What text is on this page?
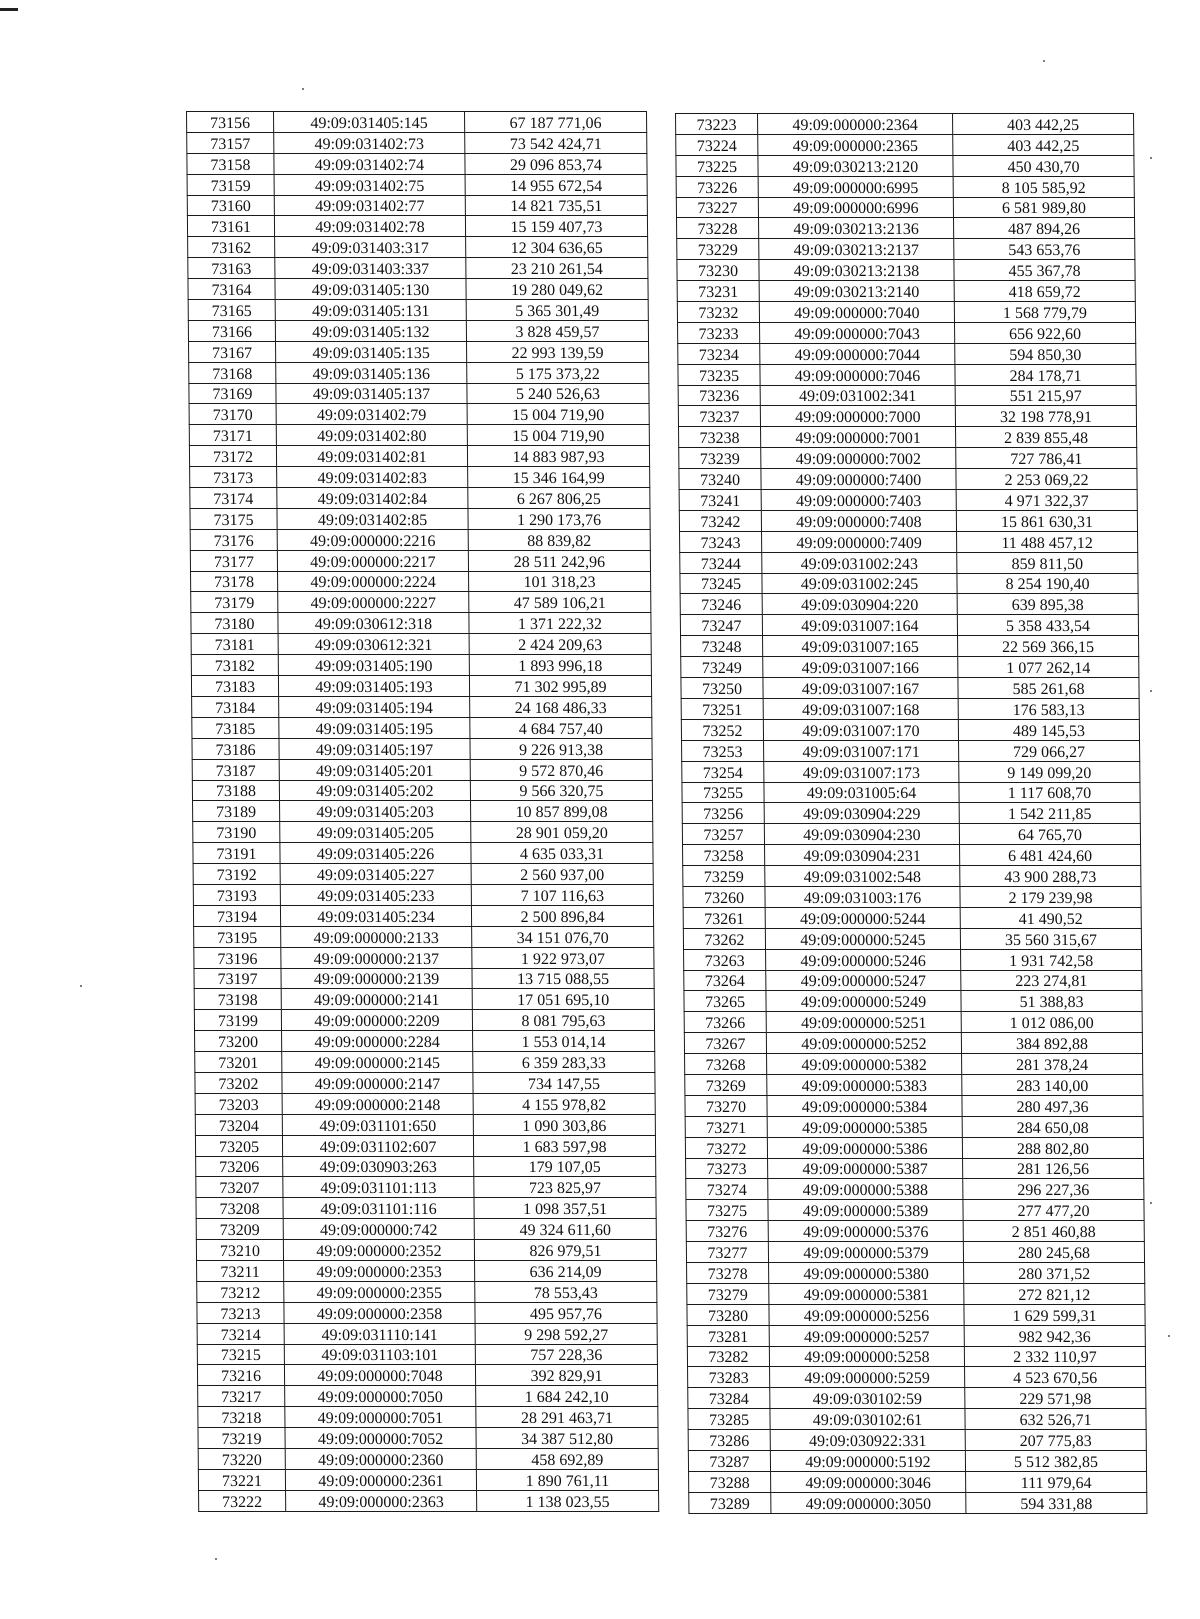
73156	49:09:031405:145	67 187 771,06
73157	49:09:031402:73	73 542 424,71
73158	49:09:031402:74	29 096 853,74
73159	49:09:031402:75	14 955 672,54
73160	49:09:031402:77	14 821 735,51
73161	49:09:031402:78	15 159 407,73
73162	49:09:031403:317	12 304 636,65
73163	49:09:031403:337	23 210 261,54
73164	49:09:031405:130	19 280 049,62
73165	49:09:031405:131	5 365 301,49
73166	49:09:031405:132	3 828 459,57
73167	49:09:031405:135	22 993 139,59
73168	49:09:031405:136	5 175 373,22
73169	49:09:031405:137	5 240 526,63
73170	49:09:031402:79	15 004 719,90
73171	49:09:031402:80	15 004 719,90
73172	49:09:031402:81	14 883 987,93
73173	49:09:031402:83	15 346 164,99
73174	49:09:031402:84	6 267 806,25
73175	49:09:031402:85	1 290 173,76
73176	49:09:000000:2216	88 839,82
73177	49:09:000000:2217	28 511 242,96
73178	49:09:000000:2224	101 318,23
73179	49:09:000000:2227	47 589 106,21
73180	49:09:030612:318	1 371 222,32
73181	49:09:030612:321	2 424 209,63
73182	49:09:031405:190	1 893 996,18
73183	49:09:031405:193	71 302 995,89
73184	49:09:031405:194	24 168 486,33
73185	49:09:031405:195	4 684 757,40
73186	49:09:031405:197	9 226 913,38
73187	49:09:031405:201	9 572 870,46
73188	49:09:031405:202	9 566 320,75
73189	49:09:031405:203	10 857 899,08
73190	49:09:031405:205	28 901 059,20
73191	49:09:031405:226	4 635 033,31
73192	49:09:031405:227	2 560 937,00
73193	49:09:031405:233	7 107 116,63
73194	49:09:031405:234	2 500 896,84
73195	49:09:000000:2133	34 151 076,70
73196	49:09:000000:2137	1 922 973,07
73197	49:09:000000:2139	13 715 088,55
73198	49:09:000000:2141	17 051 695,10
73199	49:09:000000:2209	8 081 795,63
73200	49:09:000000:2284	1 553 014,14
73201	49:09:000000:2145	6 359 283,33
73202	49:09:000000:2147	734 147,55
73203	49:09:000000:2148	4 155 978,82
73204	49:09:031101:650	1 090 303,86
73205	49:09:031102:607	1 683 597,98
73206	49:09:030903:263	179 107,05
73207	49:09:031101:113	723 825,97
73208	49:09:031101:116	1 098 357,51
73209	49:09:000000:742	49 324 611,60
73210	49:09:000000:2352	826 979,51
73211	49:09:000000:2353	636 214,09
73212	49:09:000000:2355	78 553,43
73213	49:09:000000:2358	495 957,76
73214	49:09:031110:141	9 298 592,27
73215	49:09:031103:101	757 228,36
73216	49:09:000000:7048	392 829,91
73217	49:09:000000:7050	1 684 242,10
73218	49:09:000000:7051	28 291 463,71
73219	49:09:000000:7052	34 387 512,80
73220	49:09:000000:2360	458 692,89
73221	49:09:000000:2361	1 890 761,11
73222	49:09:000000:2363	1 138 023,55
73223	49:09:000000:2364	403 442,25
73224	49:09:000000:2365	403 442,25
73225	49:09:030213:2120	450 430,70
73226	49:09:000000:6995	8 105 585,92
73227	49:09:000000:6996	6 581 989,80
73228	49:09:030213:2136	487 894,26
73229	49:09:030213:2137	543 653,76
73230	49:09:030213:2138	455 367,78
73231	49:09:030213:2140	418 659,72
73232	49:09:000000:7040	1 568 779,79
73233	49:09:000000:7043	656 922,60
73234	49:09:000000:7044	594 850,30
73235	49:09:000000:7046	284 178,71
73236	49:09:031002:341	551 215,97
73237	49:09:000000:7000	32 198 778,91
73238	49:09:000000:7001	2 839 855,48
73239	49:09:000000:7002	727 786,41
73240	49:09:000000:7400	2 253 069,22
73241	49:09:000000:7403	4 971 322,37
73242	49:09:000000:7408	15 861 630,31
73243	49:09:000000:7409	11 488 457,12
73244	49:09:031002:243	859 811,50
73245	49:09:031002:245	8 254 190,40
73246	49:09:030904:220	639 895,38
73247	49:09:031007:164	5 358 433,54
73248	49:09:031007:165	22 569 366,15
73249	49:09:031007:166	1 077 262,14
73250	49:09:031007:167	585 261,68
73251	49:09:031007:168	176 583,13
73252	49:09:031007:170	489 145,53
73253	49:09:031007:171	729 066,27
73254	49:09:031007:173	9 149 099,20
73255	49:09:031005:64	1 117 608,70
73256	49:09:030904:229	1 542 211,85
73257	49:09:030904:230	64 765,70
73258	49:09:030904:231	6 481 424,60
73259	49:09:031002:548	43 900 288,73
73260	49:09:031003:176	2 179 239,98
73261	49:09:000000:5244	41 490,52
73262	49:09:000000:5245	35 560 315,67
73263	49:09:000000:5246	1 931 742,58
73264	49:09:000000:5247	223 274,81
73265	49:09:000000:5249	51 388,83
73266	49:09:000000:5251	1 012 086,00
73267	49:09:000000:5252	384 892,88
73268	49:09:000000:5382	281 378,24
73269	49:09:000000:5383	283 140,00
73270	49:09:000000:5384	280 497,36
73271	49:09:000000:5385	284 650,08
73272	49:09:000000:5386	288 802,80
73273	49:09:000000:5387	281 126,56
73274	49:09:000000:5388	296 227,36
73275	49:09:000000:5389	277 477,20
73276	49:09:000000:5376	2 851 460,88
73277	49:09:000000:5379	280 245,68
73278	49:09:000000:5380	280 371,52
73279	49:09:000000:5381	272 821,12
73280	49:09:000000:5256	1 629 599,31
73281	49:09:000000:5257	982 942,36
73282	49:09:000000:5258	2 332 110,97
73283	49:09:000000:5259	4 523 670,56
73284	49:09:030102:59	229 571,98
73285	49:09:030102:61	632 526,71
73286	49:09:030922:331	207 775,83
73287	49:09:000000:5192	5 512 382,85
73288	49:09:000000:3046	111 979,64
73289	49:09:000000:3050	594 331,88
